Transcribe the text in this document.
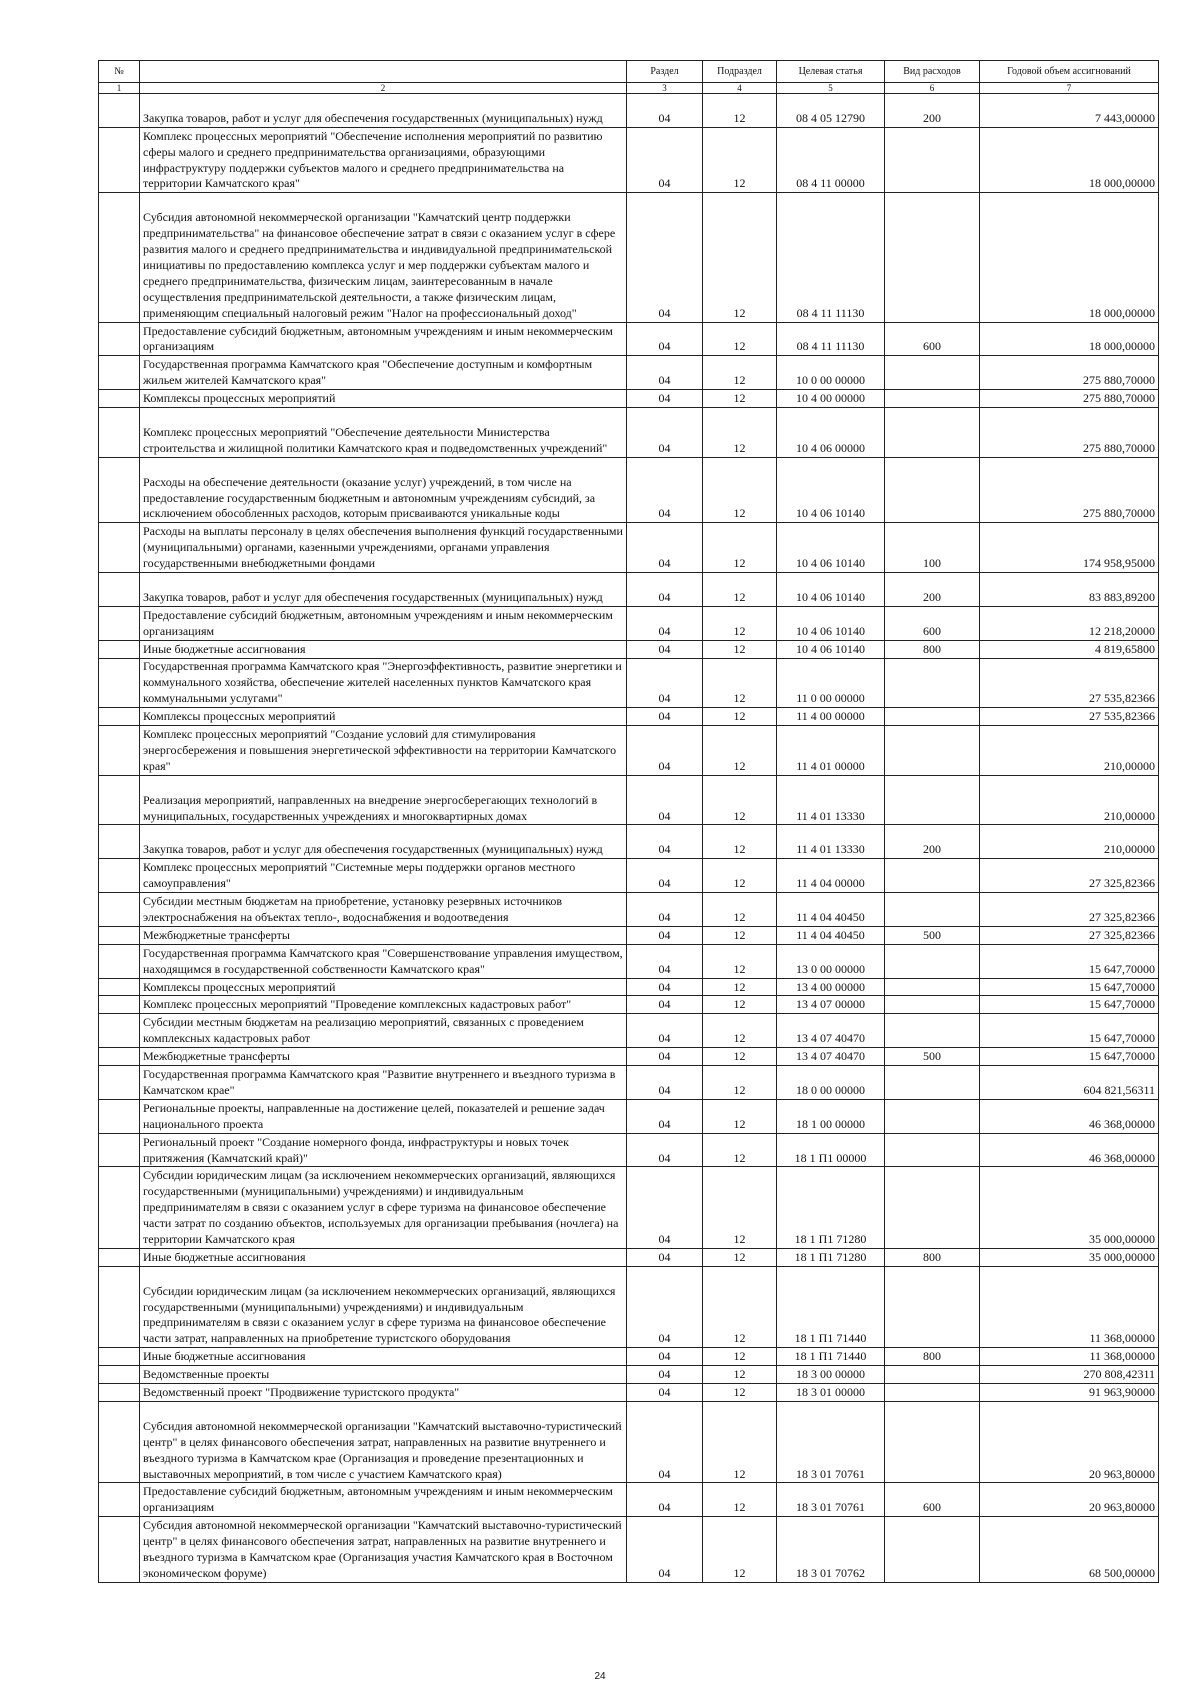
№		Раздел	Подраздел	Целевая статья	Вид расходов	Годовой объем ассигнований
1	2	3	4	5	6	7
	Закупка товаров, работ и услуг для обеспечения государственных (муниципальных) нужд	04	12	08 4 05 12790	200	7 443,00000
	Комплекс процессных мероприятий "Обеспечение исполнения мероприятий по развитию сферы малого и среднего предпринимательства организациями, образующими инфраструктуру поддержки субъектов малого и среднего предпринимательства на территории Камчатского края"	04	12	08 4 11 00000		18 000,00000
	Субсидия автономной некоммерческой организации "Камчатский центр поддержки предпринимательства" на финансовое обеспечение затрат в связи с оказанием услуг в сфере развития малого и среднего предпринимательства и индивидуальной предпринимательской инициативы по предоставлению комплекса услуг и мер поддержки субъектам малого и среднего предпринимательства, физическим лицам, заинтересованным в начале осуществления предпринимательской деятельности, а также физическим лицам, применяющим специальный налоговый режим "Налог на профессиональный доход"	04	12	08 4 11 11130		18 000,00000
	Предоставление субсидий бюджетным, автономным учреждениям и иным некоммерческим организациям	04	12	08 4 11 11130	600	18 000,00000
	Государственная программа Камчатского края "Обеспечение доступным и комфортным жильем жителей Камчатского края"	04	12	10 0 00 00000		275 880,70000
	Комплексы процессных мероприятий	04	12	10 4 00 00000		275 880,70000
	Комплекс процессных мероприятий "Обеспечение деятельности Министерства строительства и жилищной политики Камчатского края и подведомственных учреждений"	04	12	10 4 06 00000		275 880,70000
	Расходы на обеспечение деятельности (оказание услуг) учреждений, в том числе на предоставление государственным бюджетным и автономным учреждениям субсидий, за исключением обособленных расходов, которым присваиваются уникальные коды	04	12	10 4 06 10140		275 880,70000
	Расходы на выплаты персоналу в целях обеспечения выполнения функций государственными (муниципальными) органами, казенными учреждениями, органами управления государственными внебюджетными фондами	04	12	10 4 06 10140	100	174 958,95000
	Закупка товаров, работ и услуг для обеспечения государственных (муниципальных) нужд	04	12	10 4 06 10140	200	83 883,89200
	Предоставление субсидий бюджетным, автономным учреждениям и иным некоммерческим организациям	04	12	10 4 06 10140	600	12 218,20000
	Иные бюджетные ассигнования	04	12	10 4 06 10140	800	4 819,65800
	Государственная программа Камчатского края "Энергоэффективность, развитие энергетики и коммунального хозяйства, обеспечение жителей населенных пунктов Камчатского края коммунальными услугами"	04	12	11 0 00 00000		27 535,82366
	Комплексы процессных мероприятий	04	12	11 4 00 00000		27 535,82366
	Комплекс процессных мероприятий "Создание условий для стимулирования энергосбережения и повышения энергетической эффективности на территории Камчатского края"	04	12	11 4 01 00000		210,00000
	Реализация мероприятий, направленных на внедрение энергосберегающих технологий в муниципальных, государственных учреждениях и многоквартирных домах	04	12	11 4 01 13330		210,00000
	Закупка товаров, работ и услуг для обеспечения государственных (муниципальных) нужд	04	12	11 4 01 13330	200	210,00000
	Комплекс процессных мероприятий "Системные меры поддержки органов местного самоуправления"	04	12	11 4 04 00000		27 325,82366
	Субсидии местным бюджетам на приобретение, установку резервных источников электроснабжения на объектах тепло-, водоснабжения и водоотведения	04	12	11 4 04 40450		27 325,82366
	Межбюджетные трансферты	04	12	11 4 04 40450	500	27 325,82366
	Государственная программа Камчатского края "Совершенствование управления имуществом, находящимся в государственной собственности Камчатского края"	04	12	13 0 00 00000		15 647,70000
	Комплексы процессных мероприятий	04	12	13 4 00 00000		15 647,70000
	Комплекс процессных мероприятий "Проведение комплексных кадастровых работ"	04	12	13 4 07 00000		15 647,70000
	Субсидии местным бюджетам на реализацию мероприятий, связанных с проведением комплексных кадастровых работ	04	12	13 4 07 40470		15 647,70000
	Межбюджетные трансферты	04	12	13 4 07 40470	500	15 647,70000
	Государственная программа Камчатского края "Развитие внутреннего и въездного туризма в Камчатском крае"	04	12	18 0 00 00000		604 821,56311
	Региональные проекты, направленные на достижение целей, показателей и решение задач национального проекта	04	12	18 1 00 00000		46 368,00000
	Региональный проект "Создание номерного фонда, инфраструктуры и новых точек притяжения (Камчатский край)"	04	12	18 1 П1 00000		46 368,00000
	Субсидии юридическим лицам (за исключением некоммерческих организаций, являющихся государственными (муниципальными) учреждениями) и индивидуальным предпринимателям в связи с оказанием услуг в сфере туризма на финансовое обеспечение части затрат по созданию объектов, используемых для организации пребывания (ночлега) на территории Камчатского края	04	12	18 1 П1 71280		35 000,00000
	Иные бюджетные ассигнования	04	12	18 1 П1 71280	800	35 000,00000
	Субсидии юридическим лицам (за исключением некоммерческих организаций, являющихся государственными (муниципальными) учреждениями) и индивидуальным предпринимателям в связи с оказанием услуг в сфере туризма на финансовое обеспечение части затрат, направленных на приобретение туристского оборудования	04	12	18 1 П1 71440		11 368,00000
	Иные бюджетные ассигнования	04	12	18 1 П1 71440	800	11 368,00000
	Ведомственные проекты	04	12	18 3 00 00000		270 808,42311
	Ведомственный проект "Продвижение туристского продукта"	04	12	18 3 01 00000		91 963,90000
	Субсидия автономной некоммерческой организации "Камчатский выставочно-туристический центр" в целях финансового обеспечения затрат, направленных на развитие внутреннего и въездного туризма в Камчатском крае (Организация и проведение презентационных и выставочных мероприятий, в том числе с участием Камчатского края)	04	12	18 3 01 70761		20 963,80000
	Предоставление субсидий бюджетным, автономным учреждениям и иным некоммерческим организациям	04	12	18 3 01 70761	600	20 963,80000
	Субсидия автономной некоммерческой организации "Камчатский выставочно-туристический центр" в целях финансового обеспечения затрат, направленных на развитие внутреннего и въездного туризма в Камчатском крае (Организация участия Камчатского края в Восточном экономическом форуме)	04	12	18 3 01 70762		68 500,00000
24
